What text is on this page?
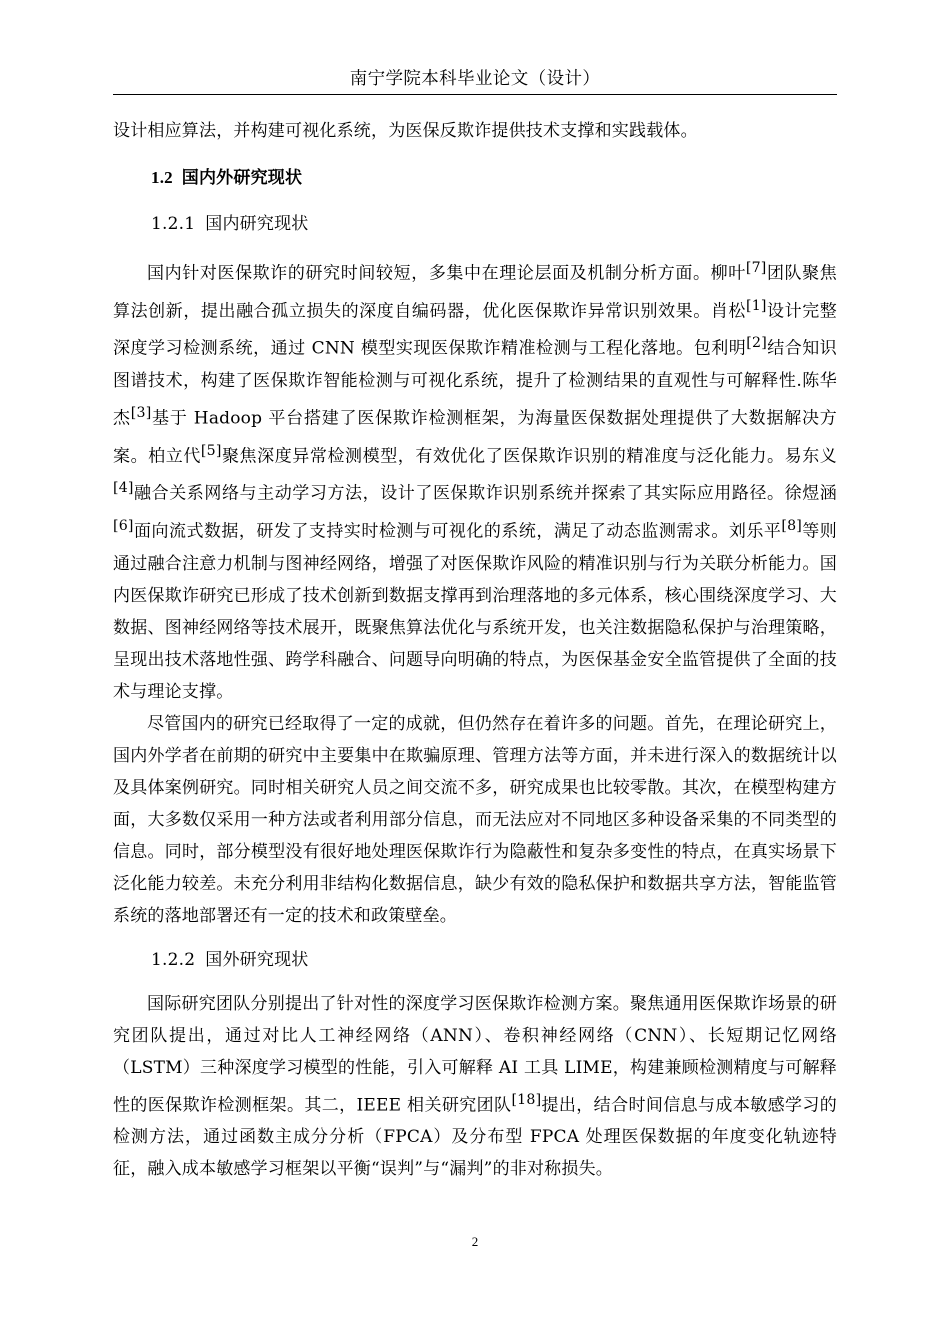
南宁学院本科毕业论文（设计）

设计相应算法，并构建可视化系统，为医保反欺诈提供技术支撑和实践载体。

1.2 国内外研究现状

1.2.1 国内研究现状

国内针对医保欺诈的研究时间较短，多集中在理论层面及机制分析方面。柳叶[7]团队聚焦算法创新，提出融合孤立损失的深度自编码器，优化医保欺诈异常识别效果。肖松[1]设计完整深度学习检测系统，通过 CNN 模型实现医保欺诈精准检测与工程化落地。包利明[2]结合知识图谱技术，构建了医保欺诈智能检测与可视化系统，提升了检测结果的直观性与可解释性.陈华杰[3]基于 Hadoop 平台搭建了医保欺诈检测框架，为海量医保数据处理提供了大数据解决方案。柏立代[5]聚焦深度异常检测模型，有效优化了医保欺诈识别的精准度与泛化能力。易东义[4]融合关系网络与主动学习方法，设计了医保欺诈识别系统并探索了其实际应用路径。徐煜涵[6]面向流式数据，研发了支持实时检测与可视化的系统，满足了动态监测需求。刘乐平[8]等则通过融合注意力机制与图神经网络，增强了对医保欺诈风险的精准识别与行为关联分析能力。国内医保欺诈研究已形成了技术创新到数据支撑再到治理落地的多元体系，核心围绕深度学习、大数据、图神经网络等技术展开，既聚焦算法优化与系统开发，也关注数据隐私保护与治理策略，呈现出技术落地性强、跨学科融合、问题导向明确的特点，为医保基金安全监管提供了全面的技术与理论支撑。

尽管国内的研究已经取得了一定的成就，但仍然存在着许多的问题。首先，在理论研究上，国内外学者在前期的研究中主要集中在欺骗原理、管理方法等方面，并未进行深入的数据统计以及具体案例研究。同时相关研究人员之间交流不多，研究成果也比较零散。其次，在模型构建方面，大多数仅采用一种方法或者利用部分信息，而无法应对不同地区多种设备采集的不同类型的信息。同时，部分模型没有很好地处理医保欺诈行为隐蔽性和复杂多变性的特点，在真实场景下泛化能力较差。未充分利用非结构化数据信息，缺少有效的隐私保护和数据共享方法，智能监管系统的落地部署还有一定的技术和政策壁垒。

1.2.2 国外研究现状

国际研究团队分别提出了针对性的深度学习医保欺诈检测方案。聚焦通用医保欺诈场景的研究团队提出，通过对比人工神经网络（ANN）、卷积神经网络（CNN）、长短期记忆网络（LSTM）三种深度学习模型的性能，引入可解释 AI 工具 LIME，构建兼顾检测精度与可解释性的医保欺诈检测框架。其二，IEEE 相关研究团队[18]提出，结合时间信息与成本敏感学习的检测方法，通过函数主成分分析（FPCA）及分布型 FPCA 处理医保数据的年度变化轨迹特征，融入成本敏感学习框架以平衡“误判”与“漏判”的非对称损失。

2
